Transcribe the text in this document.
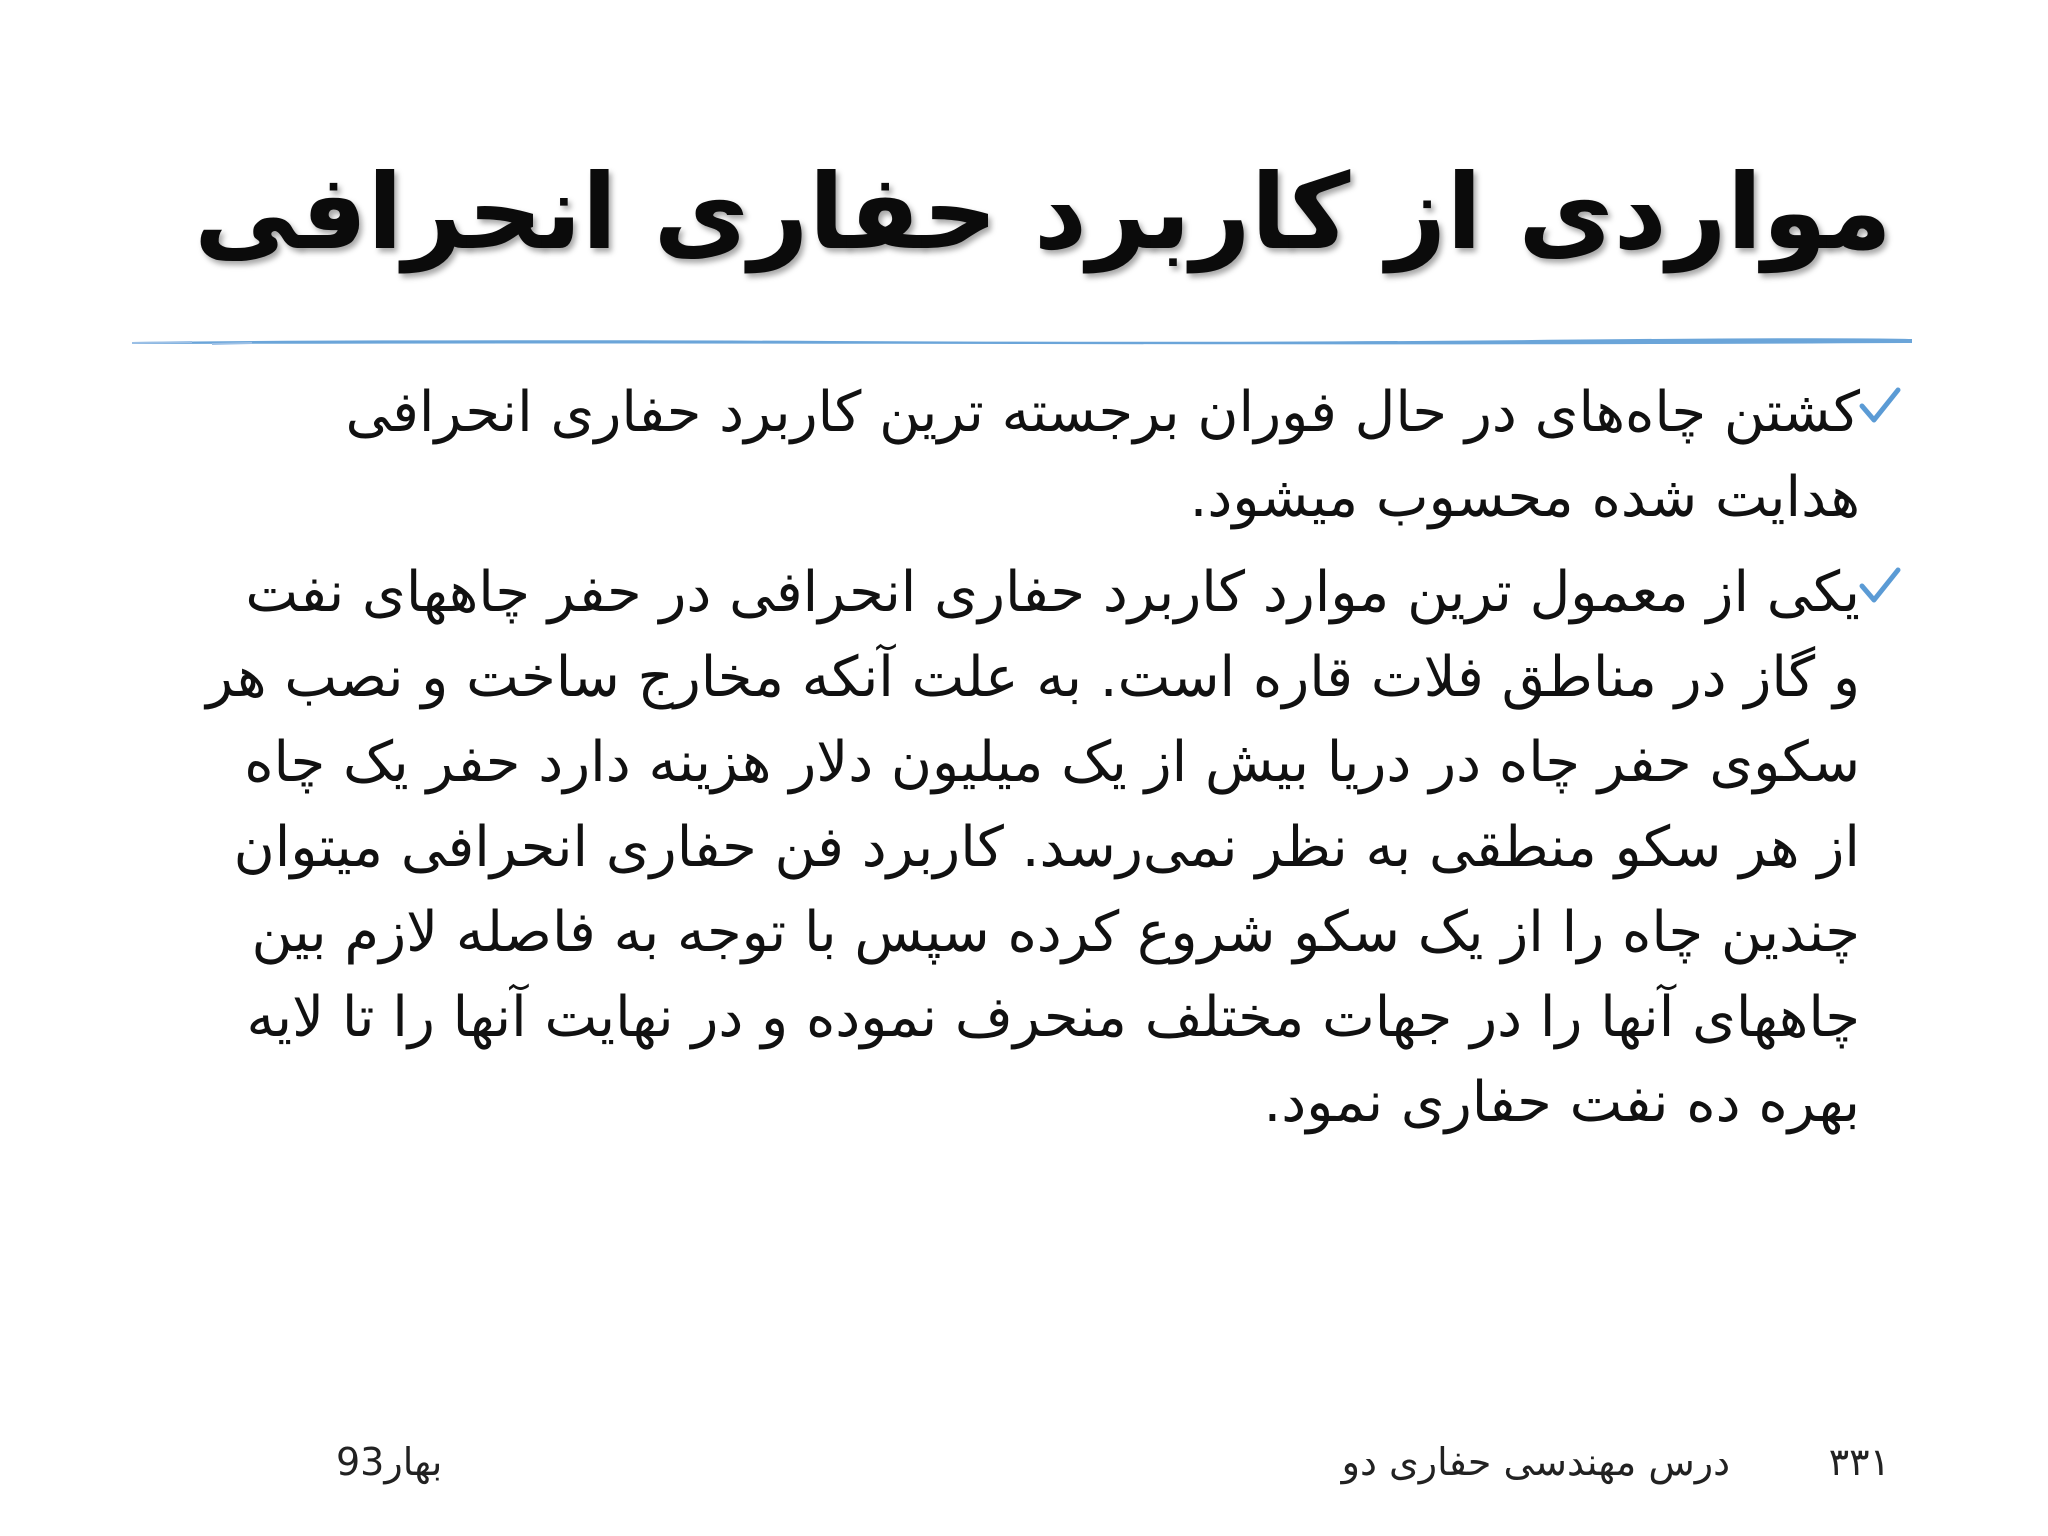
مواردی از کاربرد حفاری انحرافی
کشتن چاه‌های در حال فوران برجسته ترین کاربرد حفاری انحرافی هدایت شده محسوب میشود.
یکی از معمول ترین موارد کاربرد حفاری انحرافی در حفر چاههای نفت و گاز در مناطق فلات قاره است. به علت آنکه مخارج ساخت و نصب هر سکوی حفر چاه در دریا بیش از یک میلیون دلار هزینه دارد حفر یک چاه از هر سکو منطقی به نظر نمی‌رسد. کاربرد فن حفاری انحرافی میتوان چندین چاه را از یک سکو شروع کرده سپس با توجه به فاصله لازم بین چاههای آنها را در جهات مختلف منحرف نموده و در نهایت آنها را تا لایه بهره ده نفت حفاری نمود.
درس مهندسی حفاری دو	۳۳۱
بهار93
